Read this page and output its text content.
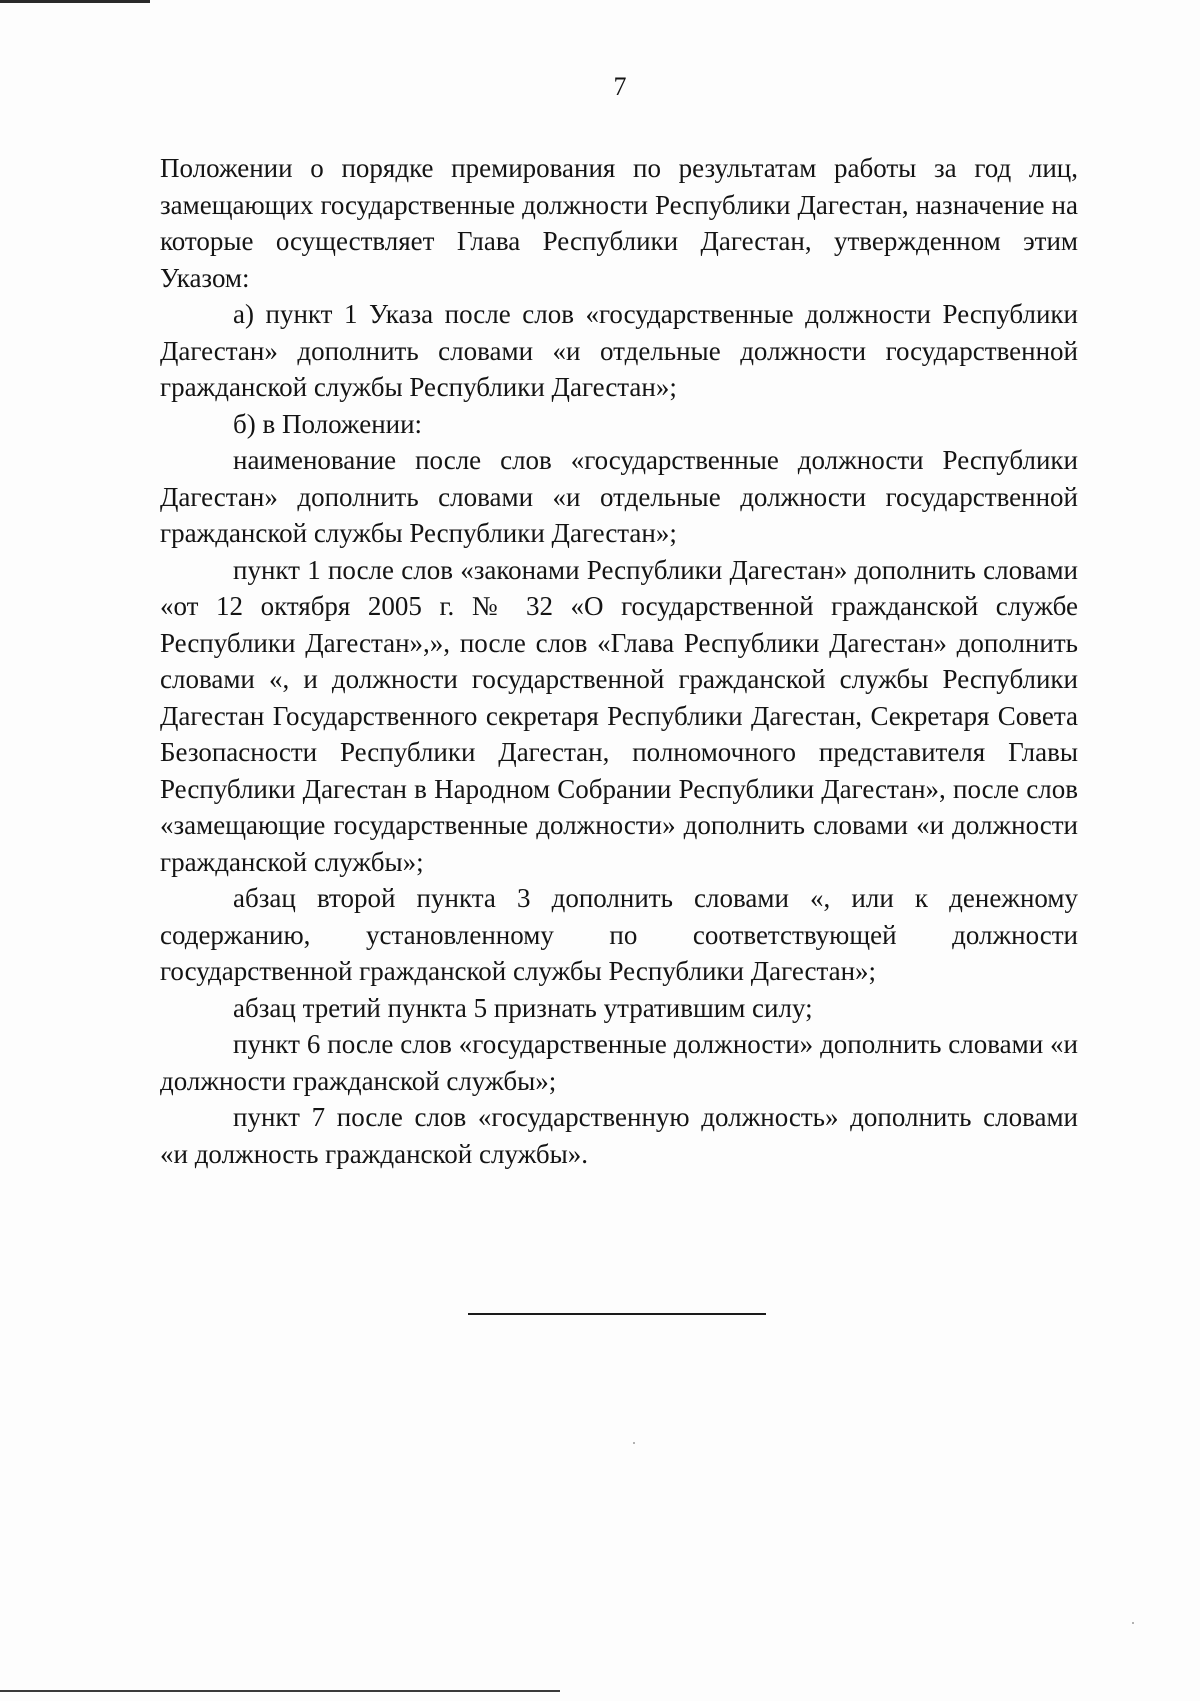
7

Положении о порядке премирования по результатам работы за год лиц, замещающих государственные должности Республики Дагестан, назначение на которые осуществляет Глава Республики Дагестан, утвержденном этим Указом:

а) пункт 1 Указа после слов «государственные должности Республики Дагестан» дополнить словами «и отдельные должности государственной гражданской службы Республики Дагестан»;

б) в Положении:

наименование после слов «государственные должности Республики Дагестан» дополнить словами «и отдельные должности государственной гражданской службы Республики Дагестан»;

пункт 1 после слов «законами Республики Дагестан» дополнить словами «от 12 октября 2005 г. № 32 «О государственной гражданской службе Республики Дагестан»,», после слов «Глава Республики Дагестан» дополнить словами «, и должности государственной гражданской службы Республики Дагестан Государственного секретаря Республики Дагестан, Секретаря Совета Безопасности Республики Дагестан, полномочного представителя Главы Республики Дагестан в Народном Собрании Республики Дагестан», после слов «замещающие государственные должности» дополнить словами «и должности гражданской службы»;

абзац второй пункта 3 дополнить словами «, или к денежному содержанию, установленному по соответствующей должности государственной гражданской службы Республики Дагестан»;

абзац третий пункта 5 признать утратившим силу;

пункт 6 после слов «государственные должности» дополнить словами «и должности гражданской службы»;

пункт 7 после слов «государственную должность» дополнить словами «и должность гражданской службы».
